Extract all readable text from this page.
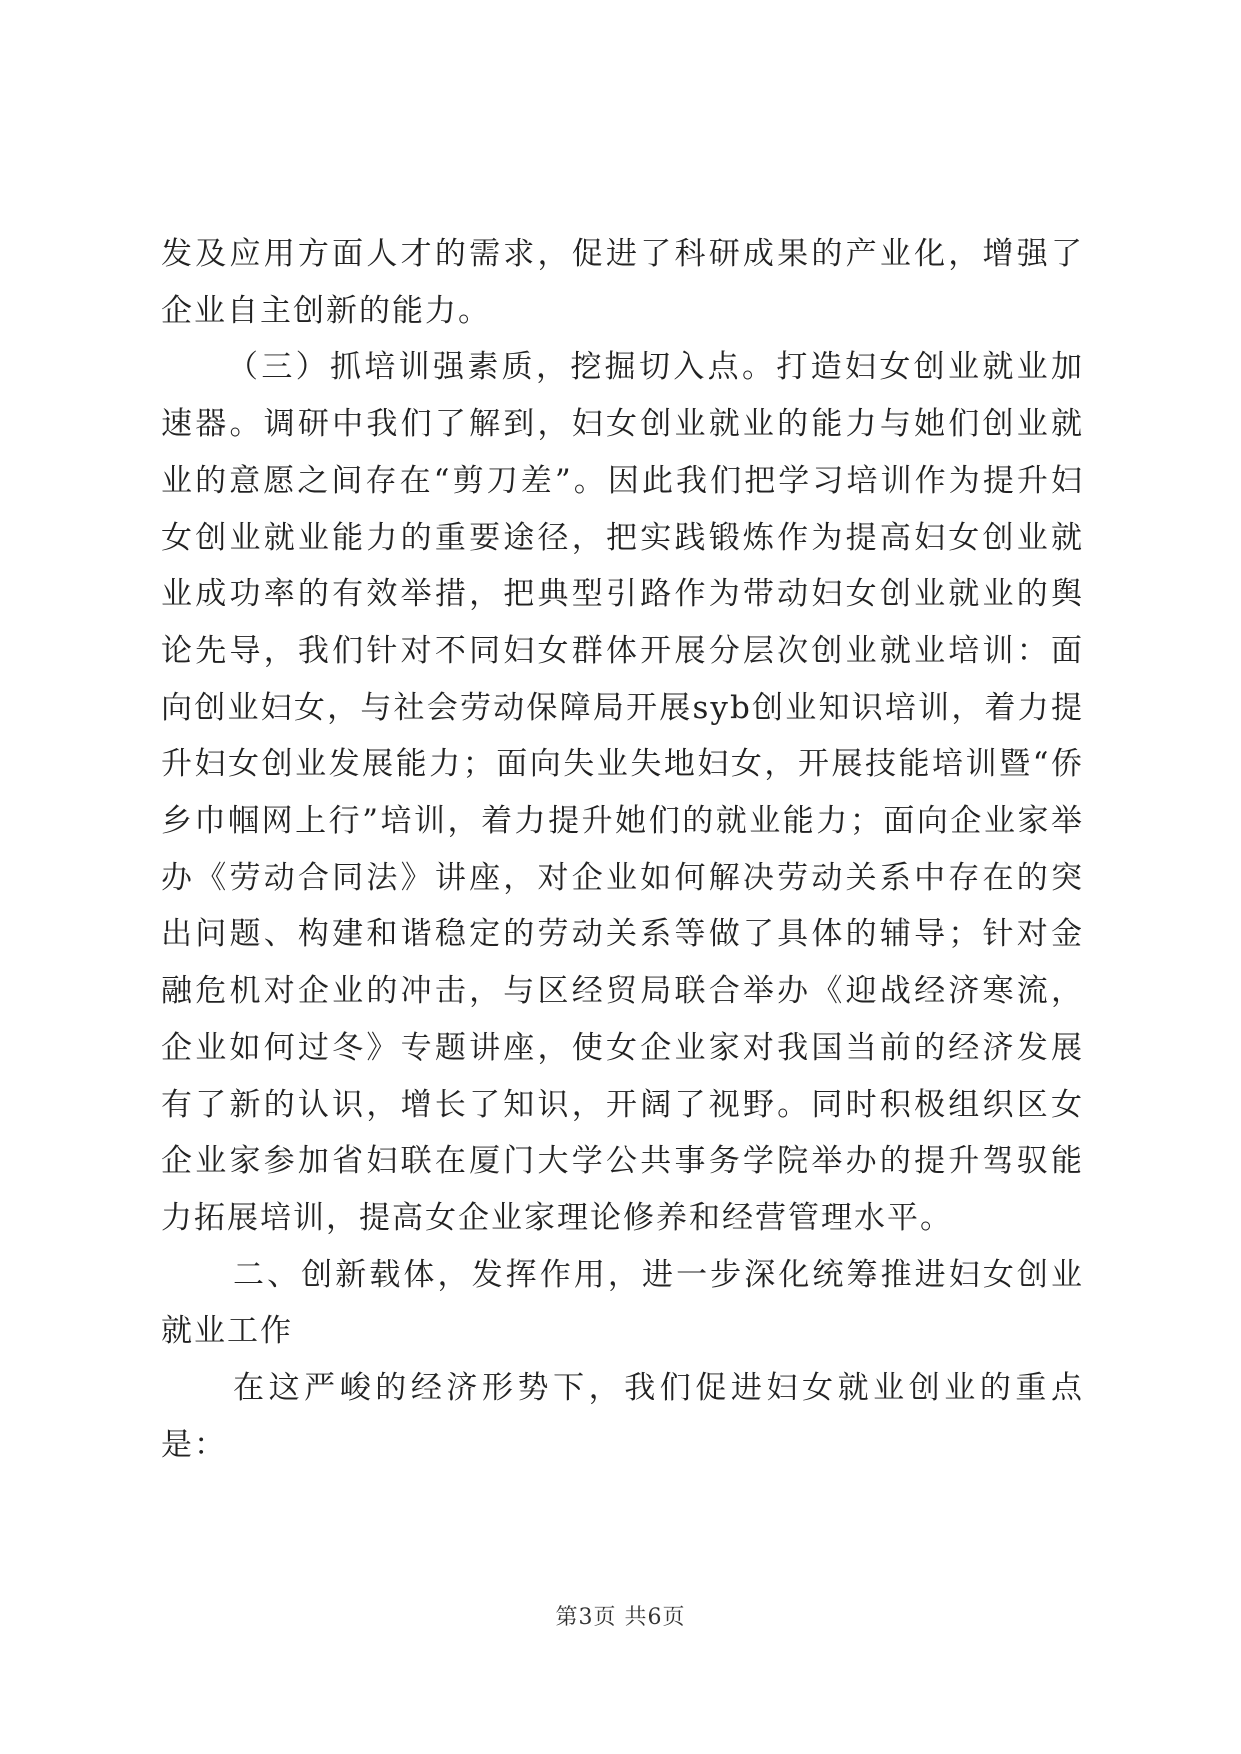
发及应用方面人才的需求，促进了科研成果的产业化，增强了企业自主创新的能力。

（三）抓培训强素质，挖掘切入点。打造妇女创业就业加速器。调研中我们了解到，妇女创业就业的能力与她们创业就业的意愿之间存在“剪刀差”。因此我们把学习培训作为提升妇女创业就业能力的重要途径，把实践锻炼作为提高妇女创业就业成功率的有效举措，把典型引路作为带动妇女创业就业的舆论先导，我们针对不同妇女群体开展分层次创业就业培训：面向创业妇女，与社会劳动保障局开展syb创业知识培训，着力提升妇女创业发展能力；面向失业失地妇女，开展技能培训暨“侨乡巾帼网上行”培训，着力提升她们的就业能力；面向企业家举办《劳动合同法》讲座，对企业如何解决劳动关系中存在的突出问题、构建和谐稳定的劳动关系等做了具体的辅导；针对金融危机对企业的冲击，与区经贸局联合举办《迎战经济寒流，企业如何过冬》专题讲座，使女企业家对我国当前的经济发展有了新的认识，增长了知识，开阔了视野。同时积极组织区女企业家参加省妇联在厦门大学公共事务学院举办的提升驾驭能力拓展培训，提高女企业家理论修养和经营管理水平。

二、创新载体，发挥作用，进一步深化统筹推进妇女创业就业工作

在这严峻的经济形势下，我们促进妇女就业创业的重点是：

第3页 共6页
